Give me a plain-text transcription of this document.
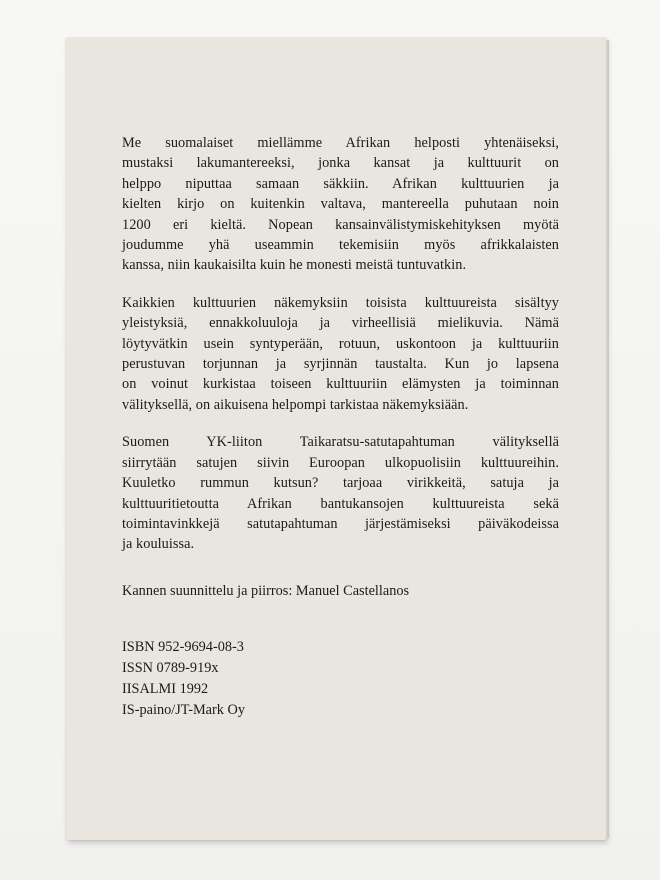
Me suomalaiset miellämme Afrikan helposti yhtenäiseksi,
mustaksi lakumantereeksi, jonka kansat ja kulttuurit on
helppo niputtaa samaan säkkiin. Afrikan kulttuurien ja
kielten kirjo on kuitenkin valtava, mantereella puhutaan noin
1200 eri kieltä. Nopean kansainvälistymiskehityksen myötä
joudumme yhä useammin tekemisiin myös afrikkalaisten
kanssa, niin kaukaisilta kuin he monesti meistä tuntuvatkin.

Kaikkien kulttuurien näkemyksiin toisista kulttuureista sisältyy
yleistyksiä, ennakkoluuloja ja virheellisiä mielikuvia. Nämä
löytyvätkin usein syntyperään, rotuun, uskontoon ja kulttuuriin
perustuvan torjunnan ja syrjinnän taustalta. Kun jo lapsena
on voinut kurkistaa toiseen kulttuuriin elämysten ja toiminnan
välityksellä, on aikuisena helpompi tarkistaa näkemyksiään.

Suomen YK-liiton Taikaratsu-satutapahtuman välityksellä
siirrytään satujen siivin Euroopan ulkopuolisiin kulttuureihin.
Kuuletko rummun kutsun? tarjoaa virikkeitä, satuja ja
kulttuuritietoutta Afrikan bantukansojen kulttuureista sekä
toimintavinkkejä satutapahtuman järjestämiseksi päiväkodeissa
ja kouluissa.

Kannen suunnittelu ja piirros: Manuel Castellanos
ISBN 952-9694-08-3
ISSN 0789-919x
IISALMI 1992
IS-paino/JT-Mark Oy
